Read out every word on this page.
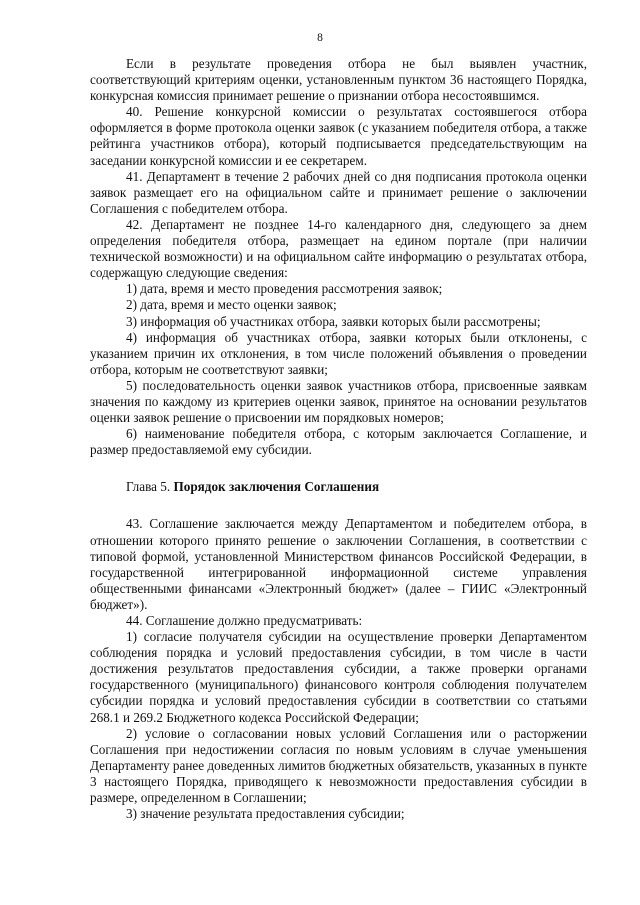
8

Если в результате проведения отбора не был выявлен участник, соответствующий критериям оценки, установленным пунктом 36 настоящего Порядка, конкурсная комиссия принимает решение о признании отбора несостоявшимся.

40. Решение конкурсной комиссии о результатах состоявшегося отбора оформляется в форме протокола оценки заявок (с указанием победителя отбора, а также рейтинга участников отбора), который подписывается председательствующим на заседании конкурсной комиссии и ее секретарем.

41. Департамент в течение 2 рабочих дней со дня подписания протокола оценки заявок размещает его на официальном сайте и принимает решение о заключении Соглашения с победителем отбора.

42. Департамент не позднее 14-го календарного дня, следующего за днем определения победителя отбора, размещает на едином портале (при наличии технической возможности) и на официальном сайте информацию о результатах отбора, содержащую следующие сведения:

1) дата, время и место проведения рассмотрения заявок;

2) дата, время и место оценки заявок;

3) информация об участниках отбора, заявки которых были рассмотрены;

4) информация об участниках отбора, заявки которых были отклонены, с указанием причин их отклонения, в том числе положений объявления о проведении отбора, которым не соответствуют заявки;

5) последовательность оценки заявок участников отбора, присвоенные заявкам значения по каждому из критериев оценки заявок, принятое на основании результатов оценки заявок решение о присвоении им порядковых номеров;

6) наименование победителя отбора, с которым заключается Соглашение, и размер предоставляемой ему субсидии.

Глава 5. Порядок заключения Соглашения

43. Соглашение заключается между Департаментом и победителем отбора, в отношении которого принято решение о заключении Соглашения, в соответствии с типовой формой, установленной Министерством финансов Российской Федерации, в государственной интегрированной информационной системе управления общественными финансами «Электронный бюджет» (далее – ГИИС «Электронный бюджет»).

44. Соглашение должно предусматривать:

1) согласие получателя субсидии на осуществление проверки Департаментом соблюдения порядка и условий предоставления субсидии, в том числе в части достижения результатов предоставления субсидии, а также проверки органами государственного (муниципального) финансового контроля соблюдения получателем субсидии порядка и условий предоставления субсидии в соответствии со статьями 268.1 и 269.2 Бюджетного кодекса Российской Федерации;

2) условие о согласовании новых условий Соглашения или о расторжении Соглашения при недостижении согласия по новым условиям в случае уменьшения Департаменту ранее доведенных лимитов бюджетных обязательств, указанных в пункте 3 настоящего Порядка, приводящего к невозможности предоставления субсидии в размере, определенном в Соглашении;

3) значение результата предоставления субсидии;
